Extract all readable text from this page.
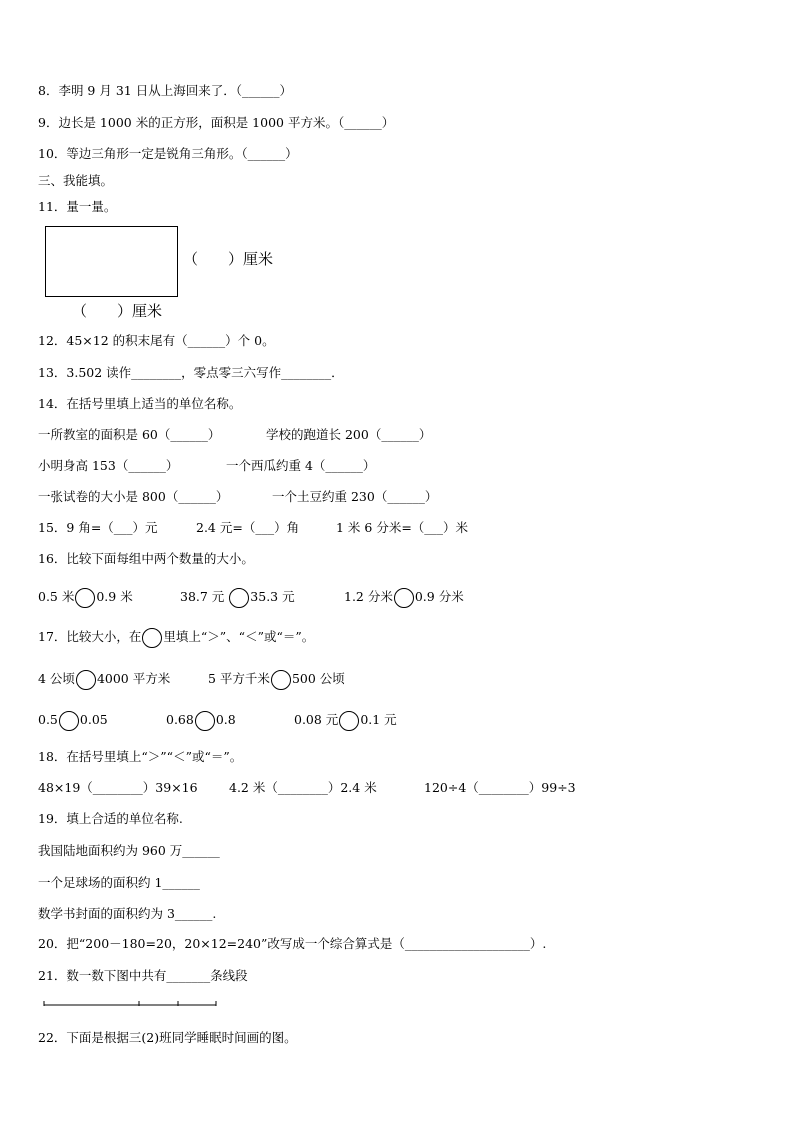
8．李明 9 月 31 日从上海回来了．（______）
9．边长是 1000 米的正方形，面积是 1000 平方米。（______）
10．等边三角形一定是锐角三角形。（______）
三、我能填。
11．量一量。
（　　）厘米
（　　）厘米
12．45×12 的积末尾有（______）个 0。
13．3.502 读作________，零点零三六写作________．
14．在括号里填上适当的单位名称。
一所教室的面积是 60（______）	学校的跑道长 200（______）
小明身高 153（______）	一个西瓜约重 4（______）
一张试卷的大小是 800（______）	一个土豆约重 230（______）
15．9 角=（___）元	2.4 元=（___）角	1 米 6 分米=（___）米
16．比较下面每组中两个数量的大小。
0.5 米 0.9 米	38.7 元 35.3 元	1.2 分米 0.9 分米
17．比较大小，在 里填上“＞”、“＜”或“＝”。
4 公顷 4000 平方米	5 平方千米 500 公顷
0.5 0.05	0.68 0.8	0.08 元 0.1 元
18．在括号里填上“＞”“＜”或“＝”。
48×19（________）39×16	4.2 米（________）2.4 米	120÷4（________）99÷3
19．填上合适的单位名称.
我国陆地面积约为 960 万______
一个足球场的面积约 1______
数学书封面的面积约为 3______.
20．把“200－180=20，20×12=240”改写成一个综合算式是（____________________）.
21．数一数下图中共有_______条线段
22．下面是根据三(2)班同学睡眠时间画的图。
